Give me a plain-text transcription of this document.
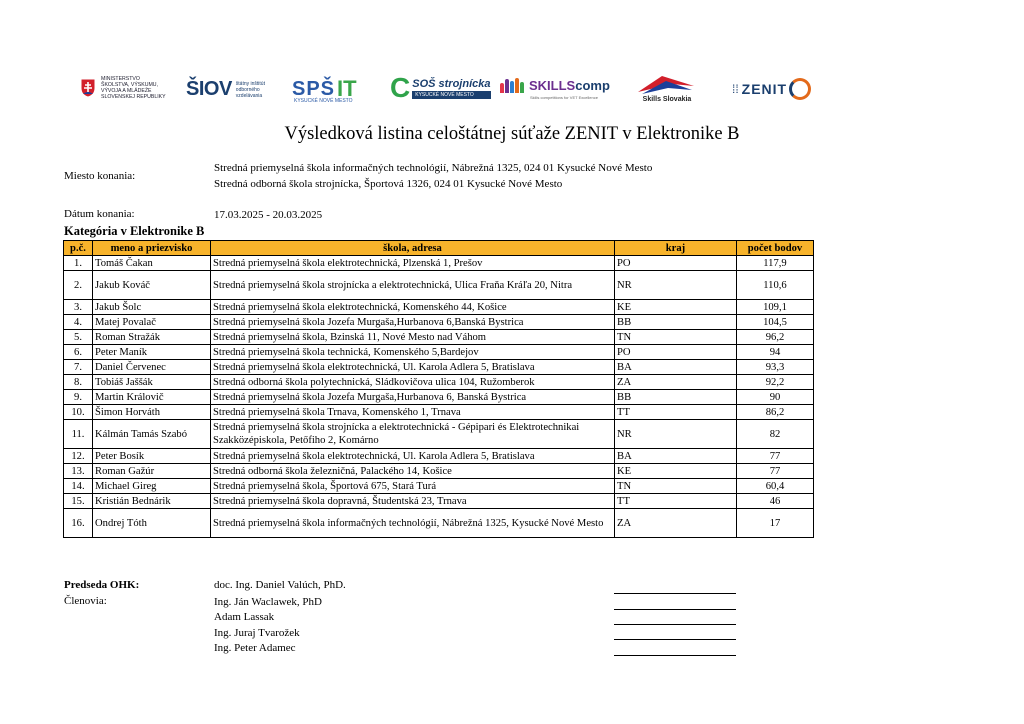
MINISTERSTVO
ŠKOLSTVA, VÝSKUMU,
VÝVOJA A MLÁDEŽE
SLOVENSKEJ REPUBLIKY ŠIOV štátny inštitút
odborného
vzdelávania SPŠ IT
KYSUCKÉ NOVÉ MESTO C SOŠ strojnícka
KYSUCKÉ NOVÉ MESTO
SKILLS comp
Skills competitions for VET Excellence	Skills Slovakia
⁞⁞ ZENIT
Výsledková listina celoštátnej súťaže ZENIT v Elektronike B
Miesto konania:
Stredná priemyselná škola informačných technológií, Nábrežná 1325, 024 01 Kysucké Nové Mesto
Stredná odborná škola strojnícka, Športová 1326, 024 01 Kysucké Nové Mesto
Dátum konania:	17.03.2025 - 20.03.2025
Kategória v Elektronike B
p.č.	meno a priezvisko	škola, adresa	kraj	počet bodov
1.	Tomáš Čakan	Stredná priemyselná škola elektrotechnická, Plzenská 1, Prešov	PO	117,9
2.	Jakub Kováč	Stredná priemyselná škola strojnícka a elektrotechnická, Ulica Fraňa Kráľa 20, Nitra	NR	110,6
3.	Jakub Šolc	Stredná priemyselná škola elektrotechnická, Komenského 44, Košice	KE	109,1
4.	Matej Povalač	Stredná priemyselná škola Jozefa Murgaša,Hurbanova 6,Banská Bystrica	BB	104,5
5.	Roman Stražák	Stredná priemyselná škola, Bzinská 11, Nové Mesto nad Váhom	TN	96,2
6.	Peter Maník	Stredná priemyselná škola technická, Komenského 5,Bardejov	PO	94
7.	Daniel Červenec	Stredná priemyselná škola elektrotechnická, Ul. Karola Adlera 5, Bratislava	BA	93,3
8.	Tobiáš Jaššák	Stredná odborná škola polytechnická, Sládkovičova ulica 104, Ružomberok	ZA	92,2
9.	Martin Královič	Stredná priemyselná škola Jozefa Murgaša,Hurbanova 6, Banská Bystrica	BB	90
10.	Šimon Horváth	Stredná priemyselná škola Trnava, Komenského 1, Trnava	TT	86,2
11.	Kálmán Tamás Szabó	Stredná priemyselná škola strojnícka a elektrotechnická - Gépipari és Elektrotechnikai Szakközépiskola, Petőfiho 2, Komárno	NR	82
12.	Peter Bosík	Stredná priemyselná škola elektrotechnická, Ul. Karola Adlera 5, Bratislava	BA	77
13.	Roman Gažúr	Stredná odborná škola železničná, Palackého 14, Košice	KE	77
14.	Michael Gireg	Stredná priemyselná škola, Športová 675, Stará Turá	TN	60,4
15.	Kristián Bednárik	Stredná priemyselná škola dopravná, Študentská 23, Trnava	TT	46
16.	Ondrej Tóth	Stredná priemyselná škola informačných technológií, Nábrežná 1325, Kysucké Nové Mesto	ZA	17
Predseda OHK:	doc. Ing. Daniel Valúch, PhD.
Členovia:	Ing. Ján Waclawek, PhD
Adam Lassak
Ing. Juraj Tvarožek
Ing. Peter Adamec
